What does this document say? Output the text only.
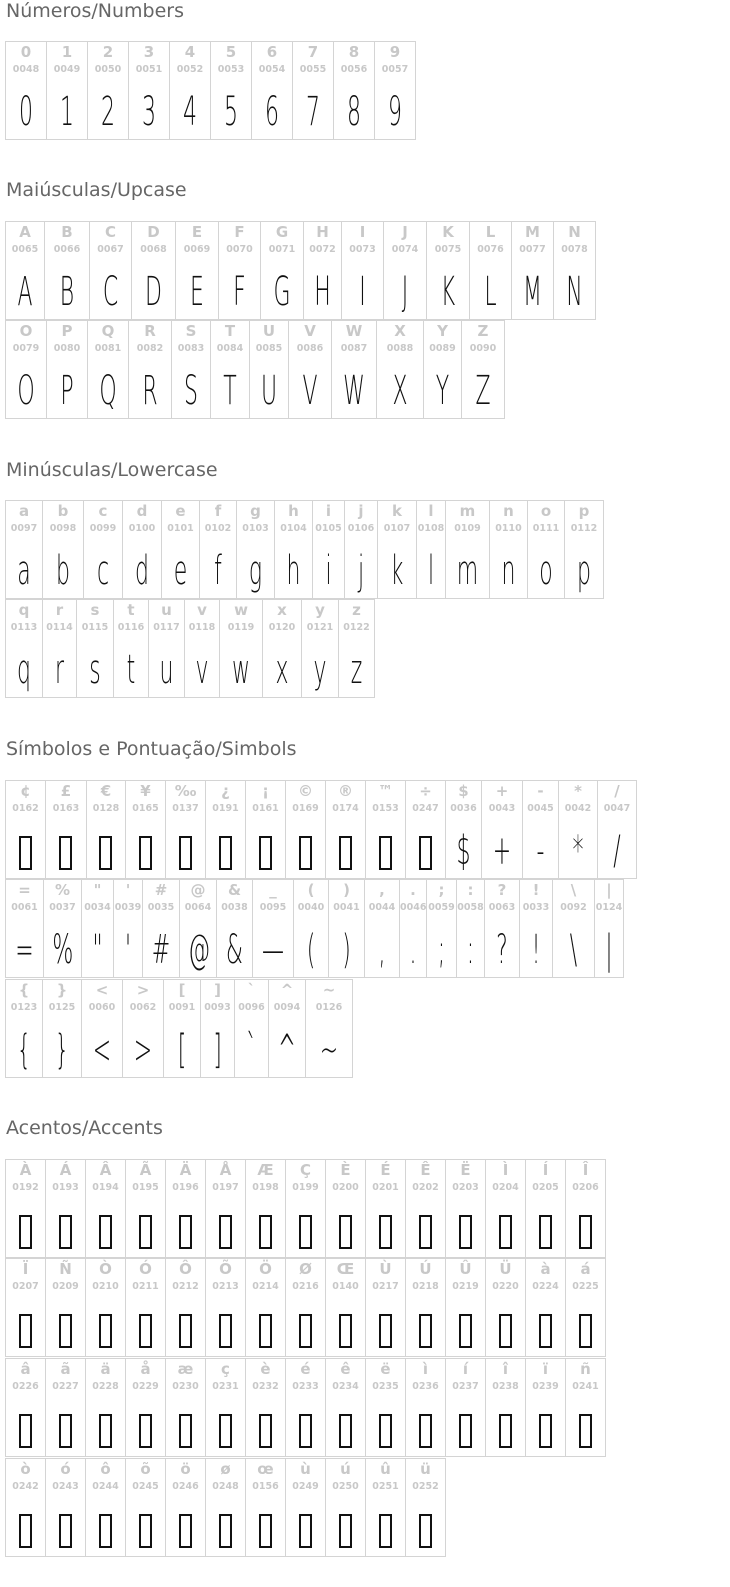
Números/Numbers
0
0048
0
1
0049
1
2
0050
2
3
0051
3
4
0052
4
5
0053
5
6
0054
6
7
0055
7
8
0056
8
9
0057
9
Maiúsculas/Upcase
A
0065
A
B
0066
B
C
0067
C
D
0068
D
E
0069
E
F
0070
F
G
0071
G
H
0072
H
I
0073
I
J
0074
J
K
0075
K
L
0076
L
M
0077
M
N
0078
N
O
0079
O
P
0080
P
Q
0081
Q
R
0082
R
S
0083
S
T
0084
T
U
0085
U
V
0086
V
W
0087
W
X
0088
X
Y
0089
Y
Z
0090
Z
Minúsculas/Lowercase
a
0097
a
b
0098
b
c
0099
c
d
0100
d
e
0101
e
f
0102
f
g
0103
g
h
0104
h
i
0105
i
j
0106
j
k
0107
k
l
0108
l
m
0109
m
n
0110
n
o
0111
o
p
0112
p
q
0113
q
r
0114
r
s
0115
s
t
0116
t
u
0117
u
v
0118
v
w
0119
w
x
0120
x
y
0121
y
z
0122
z
Símbolos e Pontuação/Simbols
¢
0162
£
0163
€
0128
¥
0165
‰
0137
¿
0191
¡
0161
©
0169
®
0174
™
0153
÷
0247
$
0036
$
+
0043
+
-
0045
-
*
0042
*
/
0047
/
=
0061
=
%
0037
%
"
0034
"
'
0039
'
#
0035
#
@
0064
@
&
0038
&
_
0095
—
(
0040
(
)
0041
)
,
0044
,
.
0046
.
;
0059
;
:
0058
:
?
0063
?
!
0033
!
\
0092
\
|
0124
|
{
0123
{
}
0125
}
<
0060
<
>
0062
>
[
0091
[
]
0093
]
`
0096
`
^
0094
^
~
0126
~
Acentos/Accents
À
0192
Á
0193
Â
0194
Ã
0195
Ä
0196
Å
0197
Æ
0198
Ç
0199
È
0200
É
0201
Ê
0202
Ë
0203
Ì
0204
Í
0205
Î
0206
Ï
0207
Ñ
0209
Ò
0210
Ó
0211
Ô
0212
Õ
0213
Ö
0214
Ø
0216
Œ
0140
Ù
0217
Ú
0218
Û
0219
Ü
0220
à
0224
á
0225
â
0226
ã
0227
ä
0228
å
0229
æ
0230
ç
0231
è
0232
é
0233
ê
0234
ë
0235
ì
0236
í
0237
î
0238
ï
0239
ñ
0241
ò
0242
ó
0243
ô
0244
õ
0245
ö
0246
ø
0248
œ
0156
ù
0249
ú
0250
û
0251
ü
0252
